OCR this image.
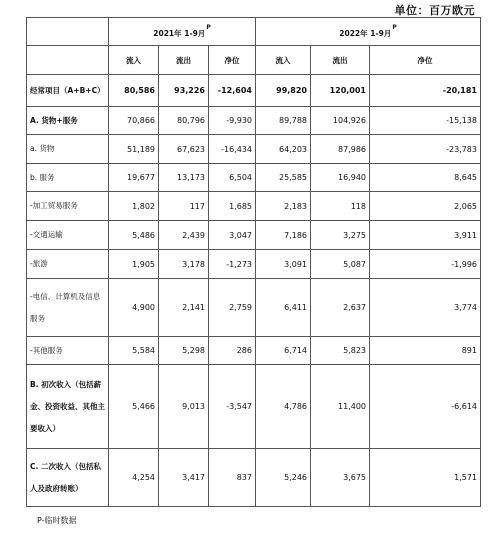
单位：百万欧元
	2021年 1-9月$^P$			2022年 1-9月$^P$
	流入	流出	净位	流入	流出	净位
经常项目（A+B+C）	80,586	93,226	-12,604	99,820	120,001	-20,181
A. 货物+服务	70,866	80,796	-9,930	89,788	104,926	-15,138
a. 货物	51,189	67,623	-16,434	64,203	87,986	-23,783
b. 服务	19,677	13,173	6,504	25,585	16,940	8,645
-加工贸易服务	1,802	117	1,685	2,183	118	2,065
-交通运输	5,486	2,439	3,047	7,186	3,275	3,911
-旅游	1,905	3,178	-1,273	3,091	5,087	-1,996
-电信、计算机及信息服务	4,900	2,141	2,759	6,411	2,637	3,774
-其他服务	5,584	5,298	286	6,714	5,823	891
B. 初次收入（包括薪金、投资收益、其他主要收入）	5,466	9,013	-3,547	4,786	11,400	-6,614
C. 二次收入（包括私人及政府转账）	4,254	3,417	837	5,246	3,675	1,571
P-临时数据
